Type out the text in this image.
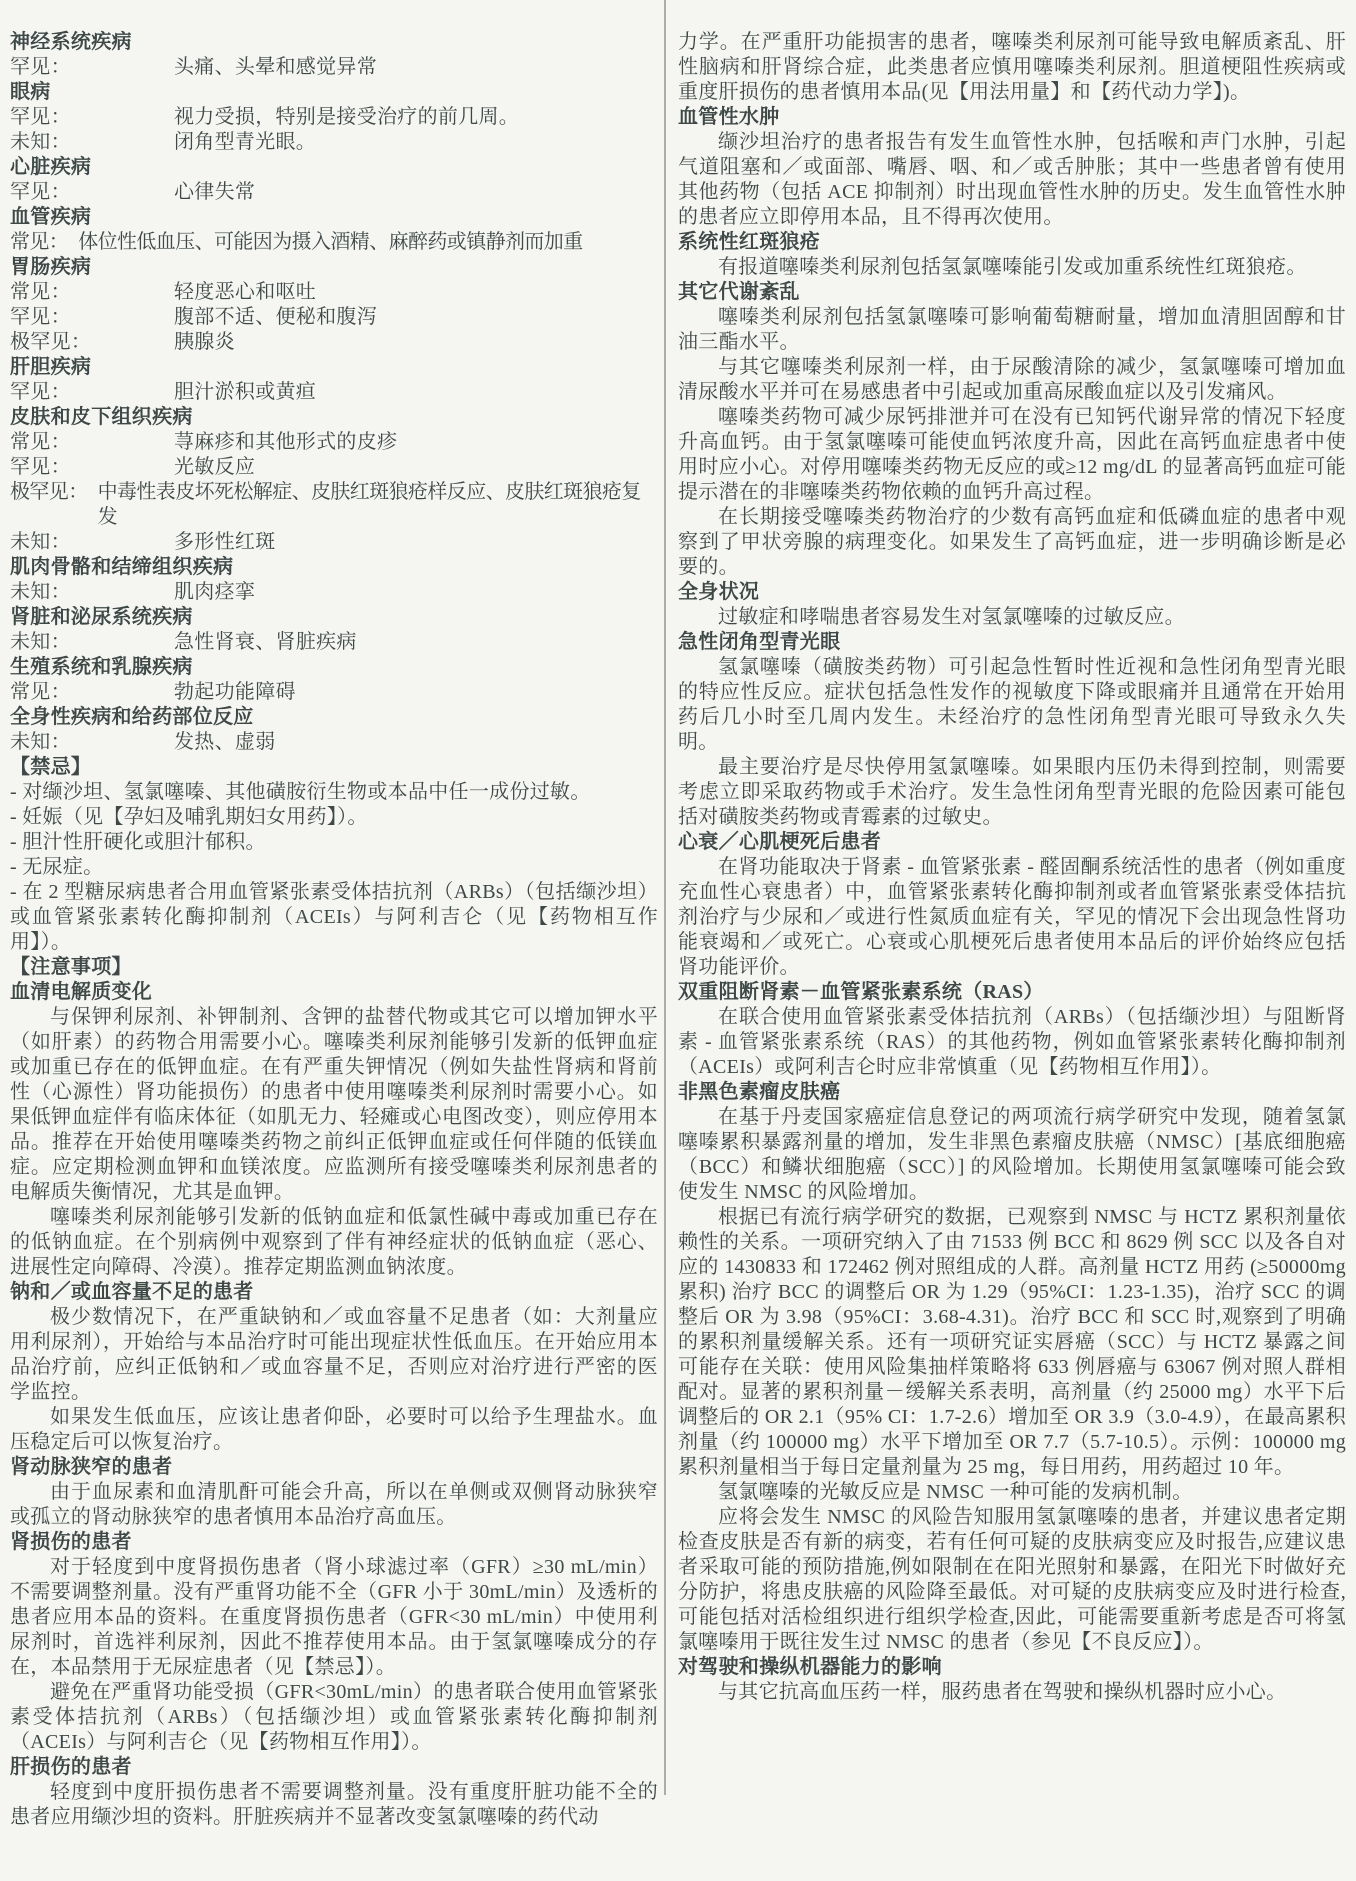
神经系统疾病
罕见：	头痛、头晕和感觉异常
眼病
罕见：	视力受损，特别是接受治疗的前几周。
未知：	闭角型青光眼。
心脏疾病
罕见：	心律失常
血管疾病
常见： 体位性低血压、可能因为摄入酒精、麻醉药或镇静剂而加重
胃肠疾病
常见：	轻度恶心和呕吐
罕见：	腹部不适、便秘和腹泻
极罕见：	胰腺炎
肝胆疾病
罕见：	胆汁淤积或黄疸
皮肤和皮下组织疾病
常见：	荨麻疹和其他形式的皮疹
罕见：	光敏反应
极罕见： 中毒性表皮坏死松解症、皮肤红斑狼疮样反应、皮肤红斑狼疮复发
未知：	多形性红斑
肌肉骨骼和结缔组织疾病
未知：	肌肉痉挛
肾脏和泌尿系统疾病
未知：	急性肾衰、肾脏疾病
生殖系统和乳腺疾病
常见：	勃起功能障碍
全身性疾病和给药部位反应
未知：	发热、虚弱
【禁忌】
- 对缬沙坦、氢氯噻嗪、其他磺胺衍生物或本品中任一成份过敏。
- 妊娠（见【孕妇及哺乳期妇女用药】）。
- 胆汁性肝硬化或胆汁郁积。
- 无尿症。
- 在 2 型糖尿病患者合用血管紧张素受体拮抗剂（ARBs）（包括缬沙坦）或血管紧张素转化酶抑制剂（ACEIs）与阿利吉仑（见【药物相互作用】）。
【注意事项】
血清电解质变化
与保钾利尿剂、补钾制剂、含钾的盐替代物或其它可以增加钾水平（如肝素）的药物合用需要小心。噻嗪类利尿剂能够引发新的低钾血症或加重已存在的低钾血症。在有严重失钾情况（例如失盐性肾病和肾前性（心源性）肾功能损伤）的患者中使用噻嗪类利尿剂时需要小心。如果低钾血症伴有临床体征（如肌无力、轻瘫或心电图改变），则应停用本品。推荐在开始使用噻嗪类药物之前纠正低钾血症或任何伴随的低镁血症。应定期检测血钾和血镁浓度。应监测所有接受噻嗪类利尿剂患者的电解质失衡情况，尤其是血钾。
噻嗪类利尿剂能够引发新的低钠血症和低氯性碱中毒或加重已存在的低钠血症。在个别病例中观察到了伴有神经症状的低钠血症（恶心、进展性定向障碍、冷漠）。推荐定期监测血钠浓度。
钠和／或血容量不足的患者
极少数情况下，在严重缺钠和／或血容量不足患者（如：大剂量应用利尿剂），开始给与本品治疗时可能出现症状性低血压。在开始应用本品治疗前，应纠正低钠和／或血容量不足，否则应对治疗进行严密的医学监控。
如果发生低血压，应该让患者仰卧，必要时可以给予生理盐水。血压稳定后可以恢复治疗。
肾动脉狭窄的患者
由于血尿素和血清肌酐可能会升高，所以在单侧或双侧肾动脉狭窄或孤立的肾动脉狭窄的患者慎用本品治疗高血压。
肾损伤的患者
对于轻度到中度肾损伤患者（肾小球滤过率（GFR）≥30 mL/min）不需要调整剂量。没有严重肾功能不全（GFR 小于 30mL/min）及透析的患者应用本品的资料。在重度肾损伤患者（GFR<30 mL/min）中使用利尿剂时，首选袢利尿剂，因此不推荐使用本品。由于氢氯噻嗪成分的存在，本品禁用于无尿症患者（见【禁忌】）。
避免在严重肾功能受损（GFR<30mL/min）的患者联合使用血管紧张素受体拮抗剂（ARBs）（包括缬沙坦）或血管紧张素转化酶抑制剂（ACEIs）与阿利吉仑（见【药物相互作用】）。
肝损伤的患者
轻度到中度肝损伤患者不需要调整剂量。没有重度肝脏功能不全的患者应用缬沙坦的资料。肝脏疾病并不显著改变氢氯噻嗪的药代动
力学。在严重肝功能损害的患者，噻嗪类利尿剂可能导致电解质紊乱、肝性脑病和肝肾综合症，此类患者应慎用噻嗪类利尿剂。胆道梗阻性疾病或重度肝损伤的患者慎用本品(见【用法用量】和【药代动力学】)。
血管性水肿
缬沙坦治疗的患者报告有发生血管性水肿，包括喉和声门水肿，引起气道阻塞和／或面部、嘴唇、咽、和／或舌肿胀；其中一些患者曾有使用其他药物（包括 ACE 抑制剂）时出现血管性水肿的历史。发生血管性水肿的患者应立即停用本品，且不得再次使用。
系统性红斑狼疮
有报道噻嗪类利尿剂包括氢氯噻嗪能引发或加重系统性红斑狼疮。
其它代谢紊乱
噻嗪类利尿剂包括氢氯噻嗪可影响葡萄糖耐量，增加血清胆固醇和甘油三酯水平。
与其它噻嗪类利尿剂一样，由于尿酸清除的减少，氢氯噻嗪可增加血清尿酸水平并可在易感患者中引起或加重高尿酸血症以及引发痛风。
噻嗪类药物可减少尿钙排泄并可在没有已知钙代谢异常的情况下轻度升高血钙。由于氢氯噻嗪可能使血钙浓度升高，因此在高钙血症患者中使用时应小心。对停用噻嗪类药物无反应的或≥12 mg/dL 的显著高钙血症可能提示潜在的非噻嗪类药物依赖的血钙升高过程。
在长期接受噻嗪类药物治疗的少数有高钙血症和低磷血症的患者中观察到了甲状旁腺的病理变化。如果发生了高钙血症，进一步明确诊断是必要的。
全身状况
过敏症和哮喘患者容易发生对氢氯噻嗪的过敏反应。
急性闭角型青光眼
氢氯噻嗪（磺胺类药物）可引起急性暂时性近视和急性闭角型青光眼的特应性反应。症状包括急性发作的视敏度下降或眼痛并且通常在开始用药后几小时至几周内发生。未经治疗的急性闭角型青光眼可导致永久失明。
最主要治疗是尽快停用氢氯噻嗪。如果眼内压仍未得到控制，则需要考虑立即采取药物或手术治疗。发生急性闭角型青光眼的危险因素可能包括对磺胺类药物或青霉素的过敏史。
心衰／心肌梗死后患者
在肾功能取决于肾素 - 血管紧张素 - 醛固酮系统活性的患者（例如重度充血性心衰患者）中，血管紧张素转化酶抑制剂或者血管紧张素受体拮抗剂治疗与少尿和／或进行性氮质血症有关，罕见的情况下会出现急性肾功能衰竭和／或死亡。心衰或心肌梗死后患者使用本品后的评价始终应包括肾功能评价。
双重阻断肾素－血管紧张素系统（RAS）
在联合使用血管紧张素受体拮抗剂（ARBs）（包括缬沙坦）与阻断肾素 - 血管紧张素系统（RAS）的其他药物，例如血管紧张素转化酶抑制剂（ACEIs）或阿利吉仑时应非常慎重（见【药物相互作用】）。
非黑色素瘤皮肤癌
在基于丹麦国家癌症信息登记的两项流行病学研究中发现，随着氢氯噻嗪累积暴露剂量的增加，发生非黑色素瘤皮肤癌（NMSC）[基底细胞癌（BCC）和鳞状细胞癌（SCC）] 的风险增加。长期使用氢氯噻嗪可能会致使发生 NMSC 的风险增加。
根据已有流行病学研究的数据，已观察到 NMSC 与 HCTZ 累积剂量依赖性的关系。一项研究纳入了由 71533 例 BCC 和 8629 例 SCC 以及各自对应的 1430833 和 172462 例对照组成的人群。高剂量 HCTZ 用药 (≥50000mg 累积) 治疗 BCC 的调整后 OR 为 1.29（95%CI：1.23-1.35)，治疗 SCC 的调整后 OR 为 3.98（95%CI：3.68-4.31)。治疗 BCC 和 SCC 时,观察到了明确的累积剂量缓解关系。还有一项研究证实唇癌（SCC）与 HCTZ 暴露之间可能存在关联：使用风险集抽样策略将 633 例唇癌与 63067 例对照人群相配对。显著的累积剂量－缓解关系表明，高剂量（约 25000 mg）水平下后调整后的 OR 2.1（95% CI：1.7-2.6）增加至 OR 3.9（3.0-4.9），在最高累积剂量（约 100000 mg）水平下增加至 OR 7.7（5.7-10.5）。示例：100000 mg 累积剂量相当于每日定量剂量为 25 mg，每日用药，用药超过 10 年。
氢氯噻嗪的光敏反应是 NMSC 一种可能的发病机制。
应将会发生 NMSC 的风险告知服用氢氯噻嗪的患者，并建议患者定期检查皮肤是否有新的病变，若有任何可疑的皮肤病变应及时报告,应建议患者采取可能的预防措施,例如限制在在阳光照射和暴露，在阳光下时做好充分防护，将患皮肤癌的风险降至最低。对可疑的皮肤病变应及时进行检查,可能包括对活检组织进行组织学检查,因此，可能需要重新考虑是否可将氢氯噻嗪用于既往发生过 NMSC 的患者（参见【不良反应】）。
对驾驶和操纵机器能力的影响
与其它抗高血压药一样，服药患者在驾驶和操纵机器时应小心。
